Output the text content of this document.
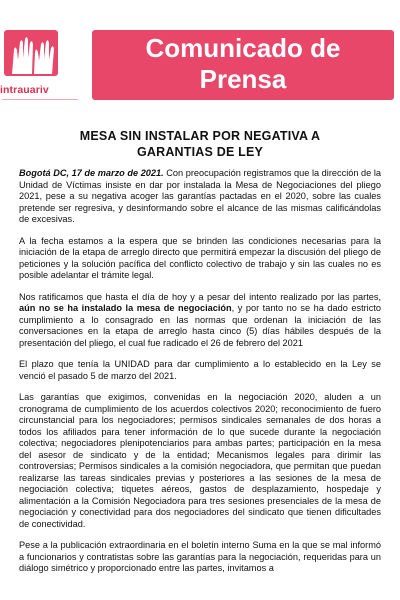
intrauariv
Comunicado de
Prensa
MESA SIN INSTALAR POR NEGATIVA A
GARANTIAS DE LEY

Bogotá DC, 17 de marzo de 2021. Con preocupación registramos que la dirección de la Unidad de Víctimas insiste en dar por instalada la Mesa de Negociaciones del pliego 2021, pese a su negativa acoger las garantías pactadas en el 2020, sobre las cuales pretende ser regresiva, y desinformando sobre el alcance de las mismas calificándolas de excesivas.

A la fecha estamos a la espera que se brinden las condiciones necesarias para la iniciación de la etapa de arreglo directo que permitirá empezar la discusión del pliego de peticiones y la solución pacífica del conflicto colectivo de trabajo y sin las cuales no es posible adelantar el trámite legal.

Nos ratificamos que hasta el día de hoy y a pesar del intento realizado por las partes, aún no se ha instalado la mesa de negociación, y por tanto no se ha dado estricto cumplimiento a lo consagrado en las normas que ordenan la iniciación de las conversaciones en la etapa de arreglo hasta cinco (5) días hábiles después de la presentación del pliego, el cual fue radicado el 26 de febrero del 2021

El plazo que tenía la UNIDAD para dar cumplimiento a lo establecido en la Ley se venció el pasado 5 de marzo del 2021.

Las garantías que exigimos, convenidas en la negociación 2020, aluden a un cronograma de cumplimiento de los acuerdos colectivos 2020; reconocimiento de fuero circunstancial para los negociadores; permisos sindicales semanales de dos horas a todos los afiliados para tener información de lo que sucede durante la negociación colectiva; negociadores plenipotenciarios para ambas partes; participación en la mesa del asesor de sindicato y de la entidad; Mecanismos legales para dirimir las controversias; Permisos sindicales a la comisión negociadora, que permitan que puedan realizarse las tareas sindicales previas y posteriores a las sesiones de la mesa de negociación colectiva; tiquetes aéreos, gastos de desplazamiento, hospedaje y alimentación a la Comisión Negociadora para tres sesiones presenciales de la mesa de negociación y conectividad para dos negociadores del sindicato que tienen dificultades de conectividad.

Pese a la publicación extraordinaria en el boletín interno Suma en la que se mal informó a funcionarios y contratistas sobre las garantías para la negociación, requeridas para un diálogo simétrico y proporcionado entre las partes, invitamos a
